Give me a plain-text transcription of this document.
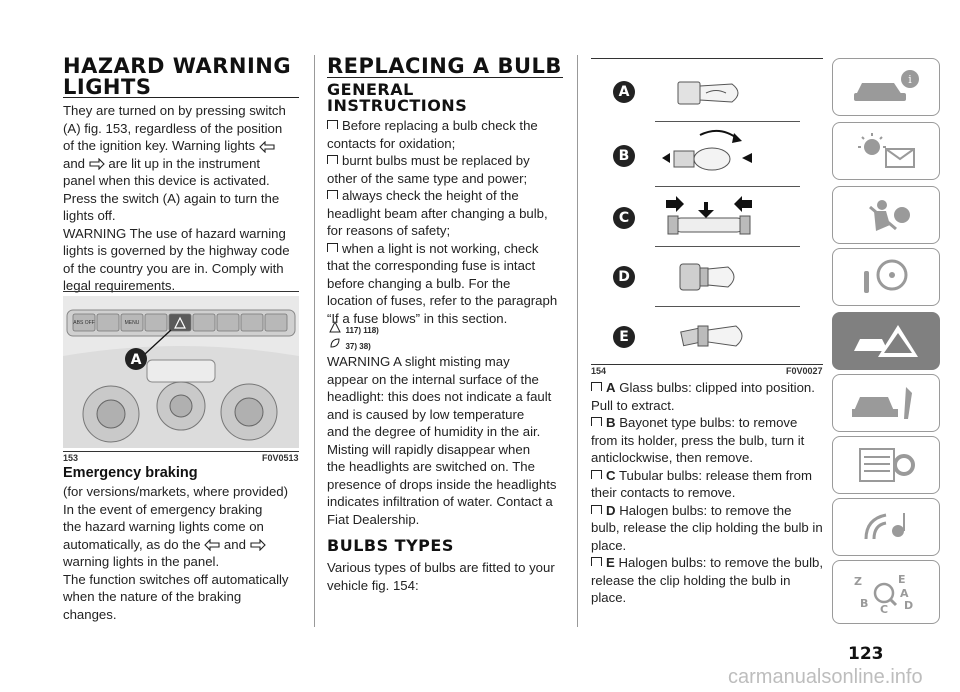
HAZARD WARNING
LIGHTS
They are turned on by pressing switch
(A) fig. 153, regardless of the position
of the ignition key. Warning lights
and are lit up in the instrument
panel when this device is activated.
Press the switch (A) again to turn the
lights off.
WARNING The use of hazard warning
lights is governed by the highway code
of the country you are in. Comply with
legal requirements.
ABS OFF	MENU
A
153	F0V0513
Emergency braking
(for versions/markets, where provided)
In the event of emergency braking
the hazard warning lights come on
automatically, as do the and
warning lights in the panel.
The function switches off automatically
when the nature of the braking
changes.
REPLACING A BULB
GENERAL
INSTRUCTIONS
Before replacing a bulb check the
contacts for oxidation;
burnt bulbs must be replaced by
other of the same type and power;
always check the height of the
headlight beam after changing a bulb,
for reasons of safety;
when a light is not working, check
that the corresponding fuse is intact
before changing a bulb. For the
location of fuses, refer to the paragraph
“If a fuse blows” in this section.
117) 118)
37) 38)
WARNING A slight misting may
appear on the internal surface of the
headlight: this does not indicate a fault
and is caused by low temperature
and the degree of humidity in the air.
Misting will rapidly disappear when
the headlights are switched on. The
presence of drops inside the headlights
indicates infiltration of water. Contact a
Fiat Dealership.
BULBS TYPES
Various types of bulbs are fitted to your
vehicle fig. 154:
A
B
C
D
E
154	F0V0027
A Glass bulbs: clipped into position.
Pull to extract.
B Bayonet type bulbs: to remove
from its holder, press the bulb, turn it
anticlockwise, then remove.
C Tubular bulbs: release them from
their contacts to remove.
D Halogen bulbs: to remove the
bulb, release the clip holding the bulb in
place.
E Halogen bulbs: to remove the bulb,
release the clip holding the bulb in
place.
i
Z	E
B C D
A
123
carmanualsonline.info
